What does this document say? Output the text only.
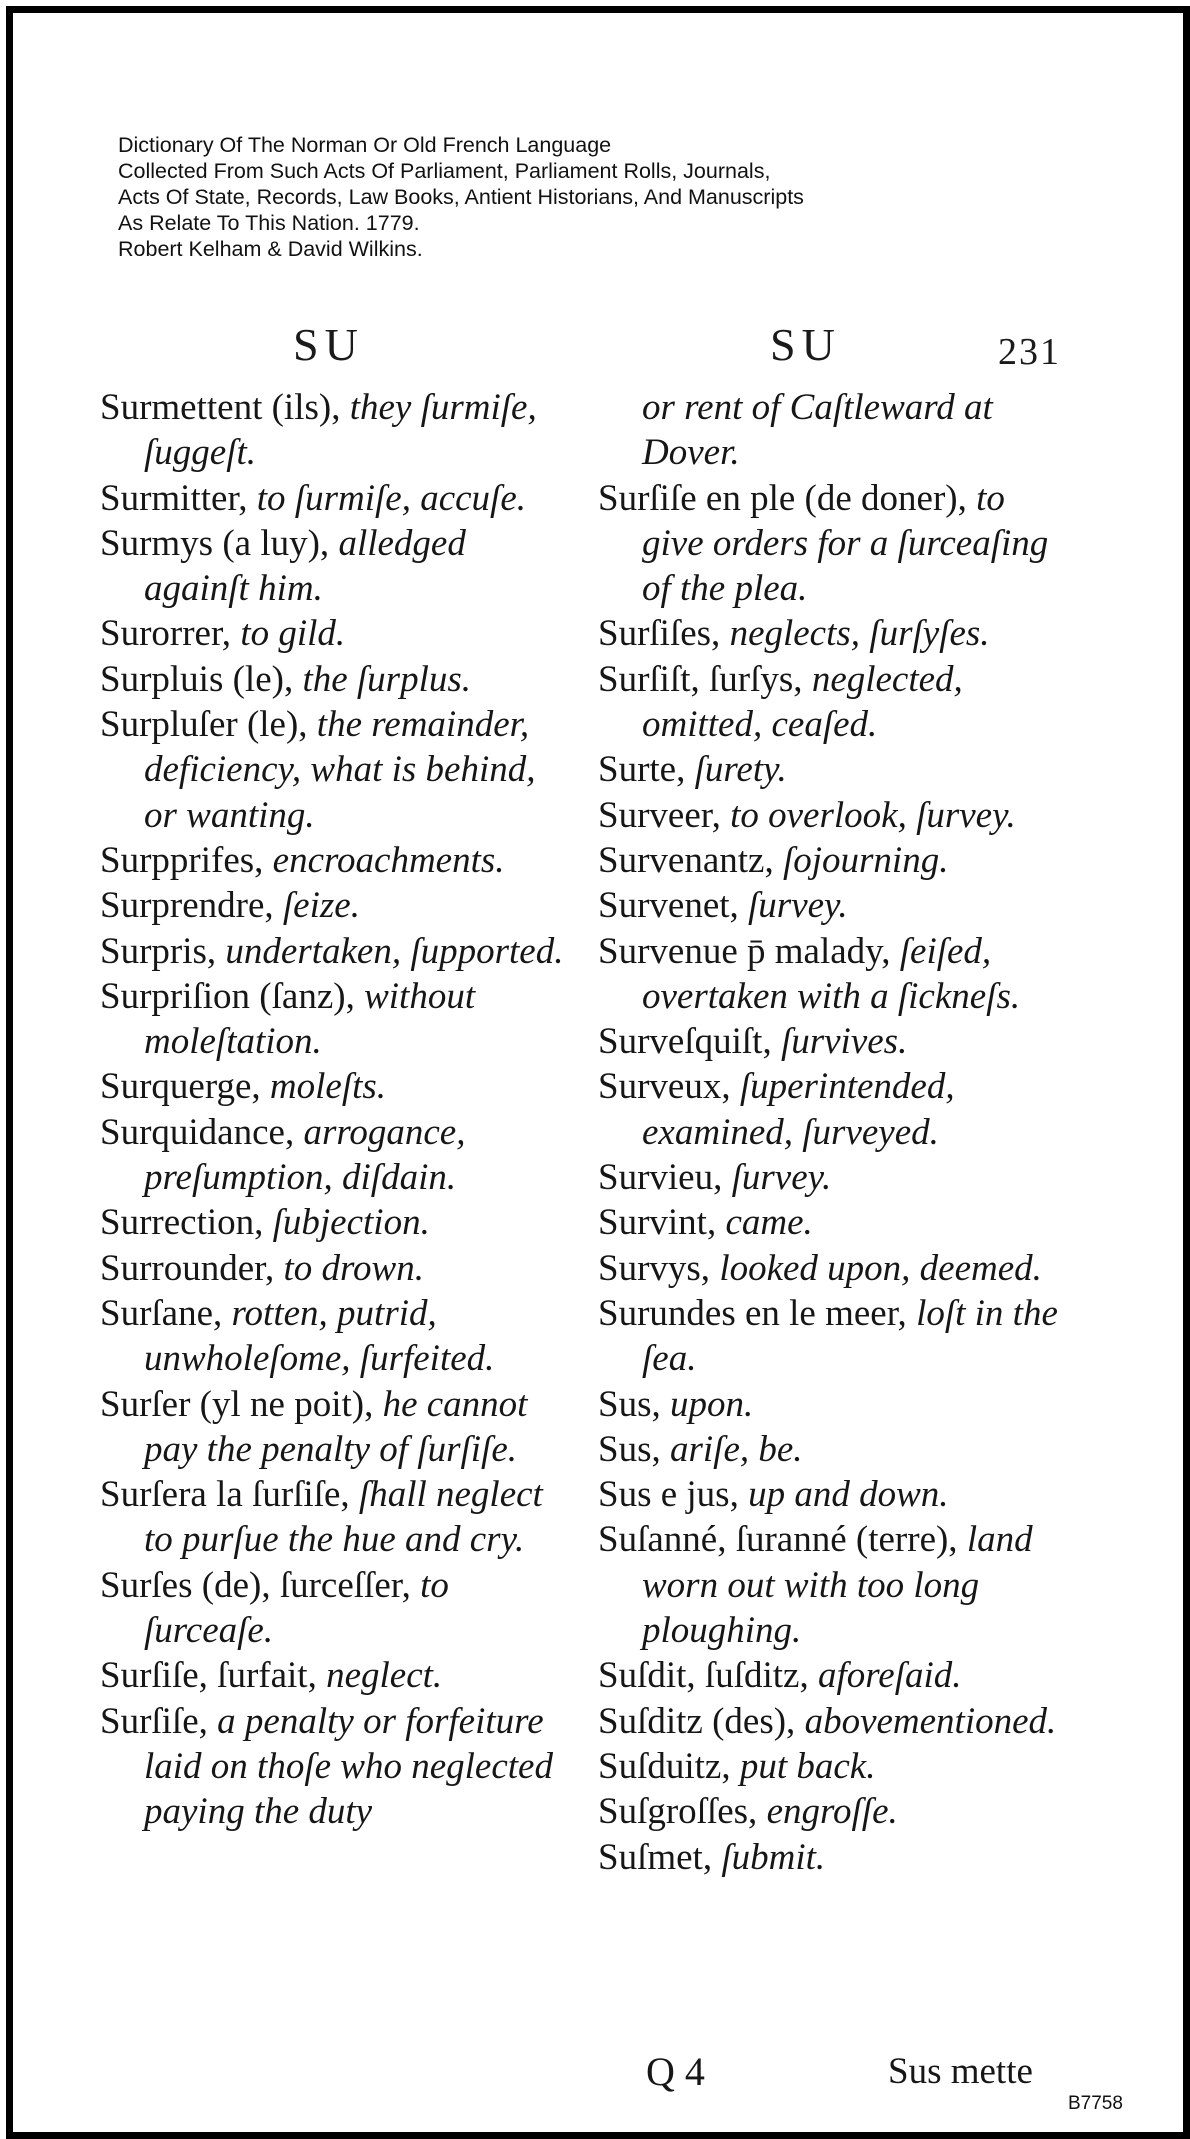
Dictionary Of The Norman Or Old French Language
Collected From Such Acts Of Parliament, Parliament Rolls, Journals,
Acts Of State, Records, Law Books, Antient Historians, And Manuscripts
As Relate To This Nation. 1779.
Robert Kelham & David Wilkins.
SU	SU	231
Surmettent (ils), they ſurmiſe, ſuggeſt.
Surmitter, to ſurmiſe, accuſe.
Surmys (a luy), alledged againſt him.
Surorrer, to gild.
Surpluis (le), the ſurplus.
Surpluſer (le), the remainder, deficiency, what is behind, or wanting.
Surpprifes, encroachments.
Surprendre, ſeize.
Surpris, undertaken, ſupported.
Surpriſion (ſanz), without moleſtation.
Surquerge, moleſts.
Surquidance, arrogance, preſumption, diſdain.
Surrection, ſubjection.
Surrounder, to drown.
Surſane, rotten, putrid, unwholeſome, ſurfeited.
Surſer (yl ne poit), he cannot pay the penalty of ſurſiſe.
Surſera la ſurſiſe, ſhall neglect to purſue the hue and cry.
Surſes (de), ſurceſſer, to ſurceaſe.
Surſiſe, ſurfait, neglect.
Surſiſe, a penalty or forfeiture laid on thoſe who neglected paying the duty
or rent of Caſtleward at Dover.
Surſiſe en ple (de doner), to give orders for a ſurceaſing of the plea.
Surſiſes, neglects, ſurſyſes.
Surſiſt, ſurſys, neglected, omitted, ceaſed.
Surte, ſurety.
Surveer, to overlook, ſurvey.
Survenantz, ſojourning.
Survenet, ſurvey.
Survenue p̄ malady, ſeiſed, overtaken with a ſickneſs.
Surveſquiſt, ſurvives.
Surveux, ſuperintended, examined, ſurveyed.
Survieu, ſurvey.
Survint, came.
Survys, looked upon, deemed.
Surundes en le meer, loſt in the ſea.
Sus, upon.
Sus, ariſe, be.
Sus e jus, up and down.
Suſanné, ſuranné (terre), land worn out with too long ploughing.
Suſdit, ſuſditz, aforeſaid.
Suſditz (des), abovementioned.
Suſduitz, put back.
Suſgroſſes, engroſſe.
Suſmet, ſubmit.
Q 4	Sus mette
B7758
